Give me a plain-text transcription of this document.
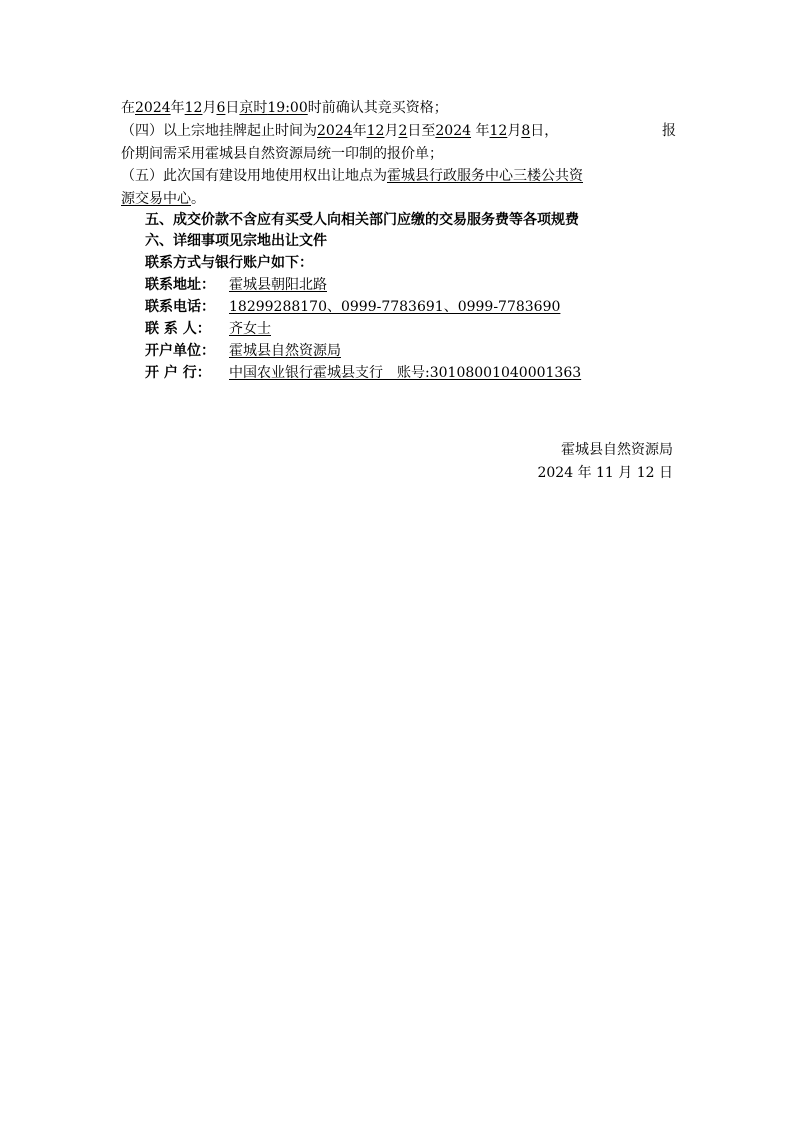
在2024年12月6日京时19:00时前确认其竞买资格；
（四）以上宗地挂牌起止时间为2024年12月2日至2024 年12月8日，	报
价期间需采用霍城县自然资源局统一印制的报价单；
（五）此次国有建设用地使用权出让地点为霍城县行政服务中心三楼公共资
源交易中心。
五、成交价款不含应有买受人向相关部门应缴的交易服务费等各项规费
六、详细事项见宗地出让文件
联系方式与银行账户如下：
联系地址： 霍城县朝阳北路
联系电话： 18299288170、0999-7783691、0999-7783690
联 系 人： 齐女士
开户单位： 霍城县自然资源局
开 户 行： 中国农业银行霍城县支行　账号:30108001040001363
霍城县自然资源局
2024 年 11 月 12 日
